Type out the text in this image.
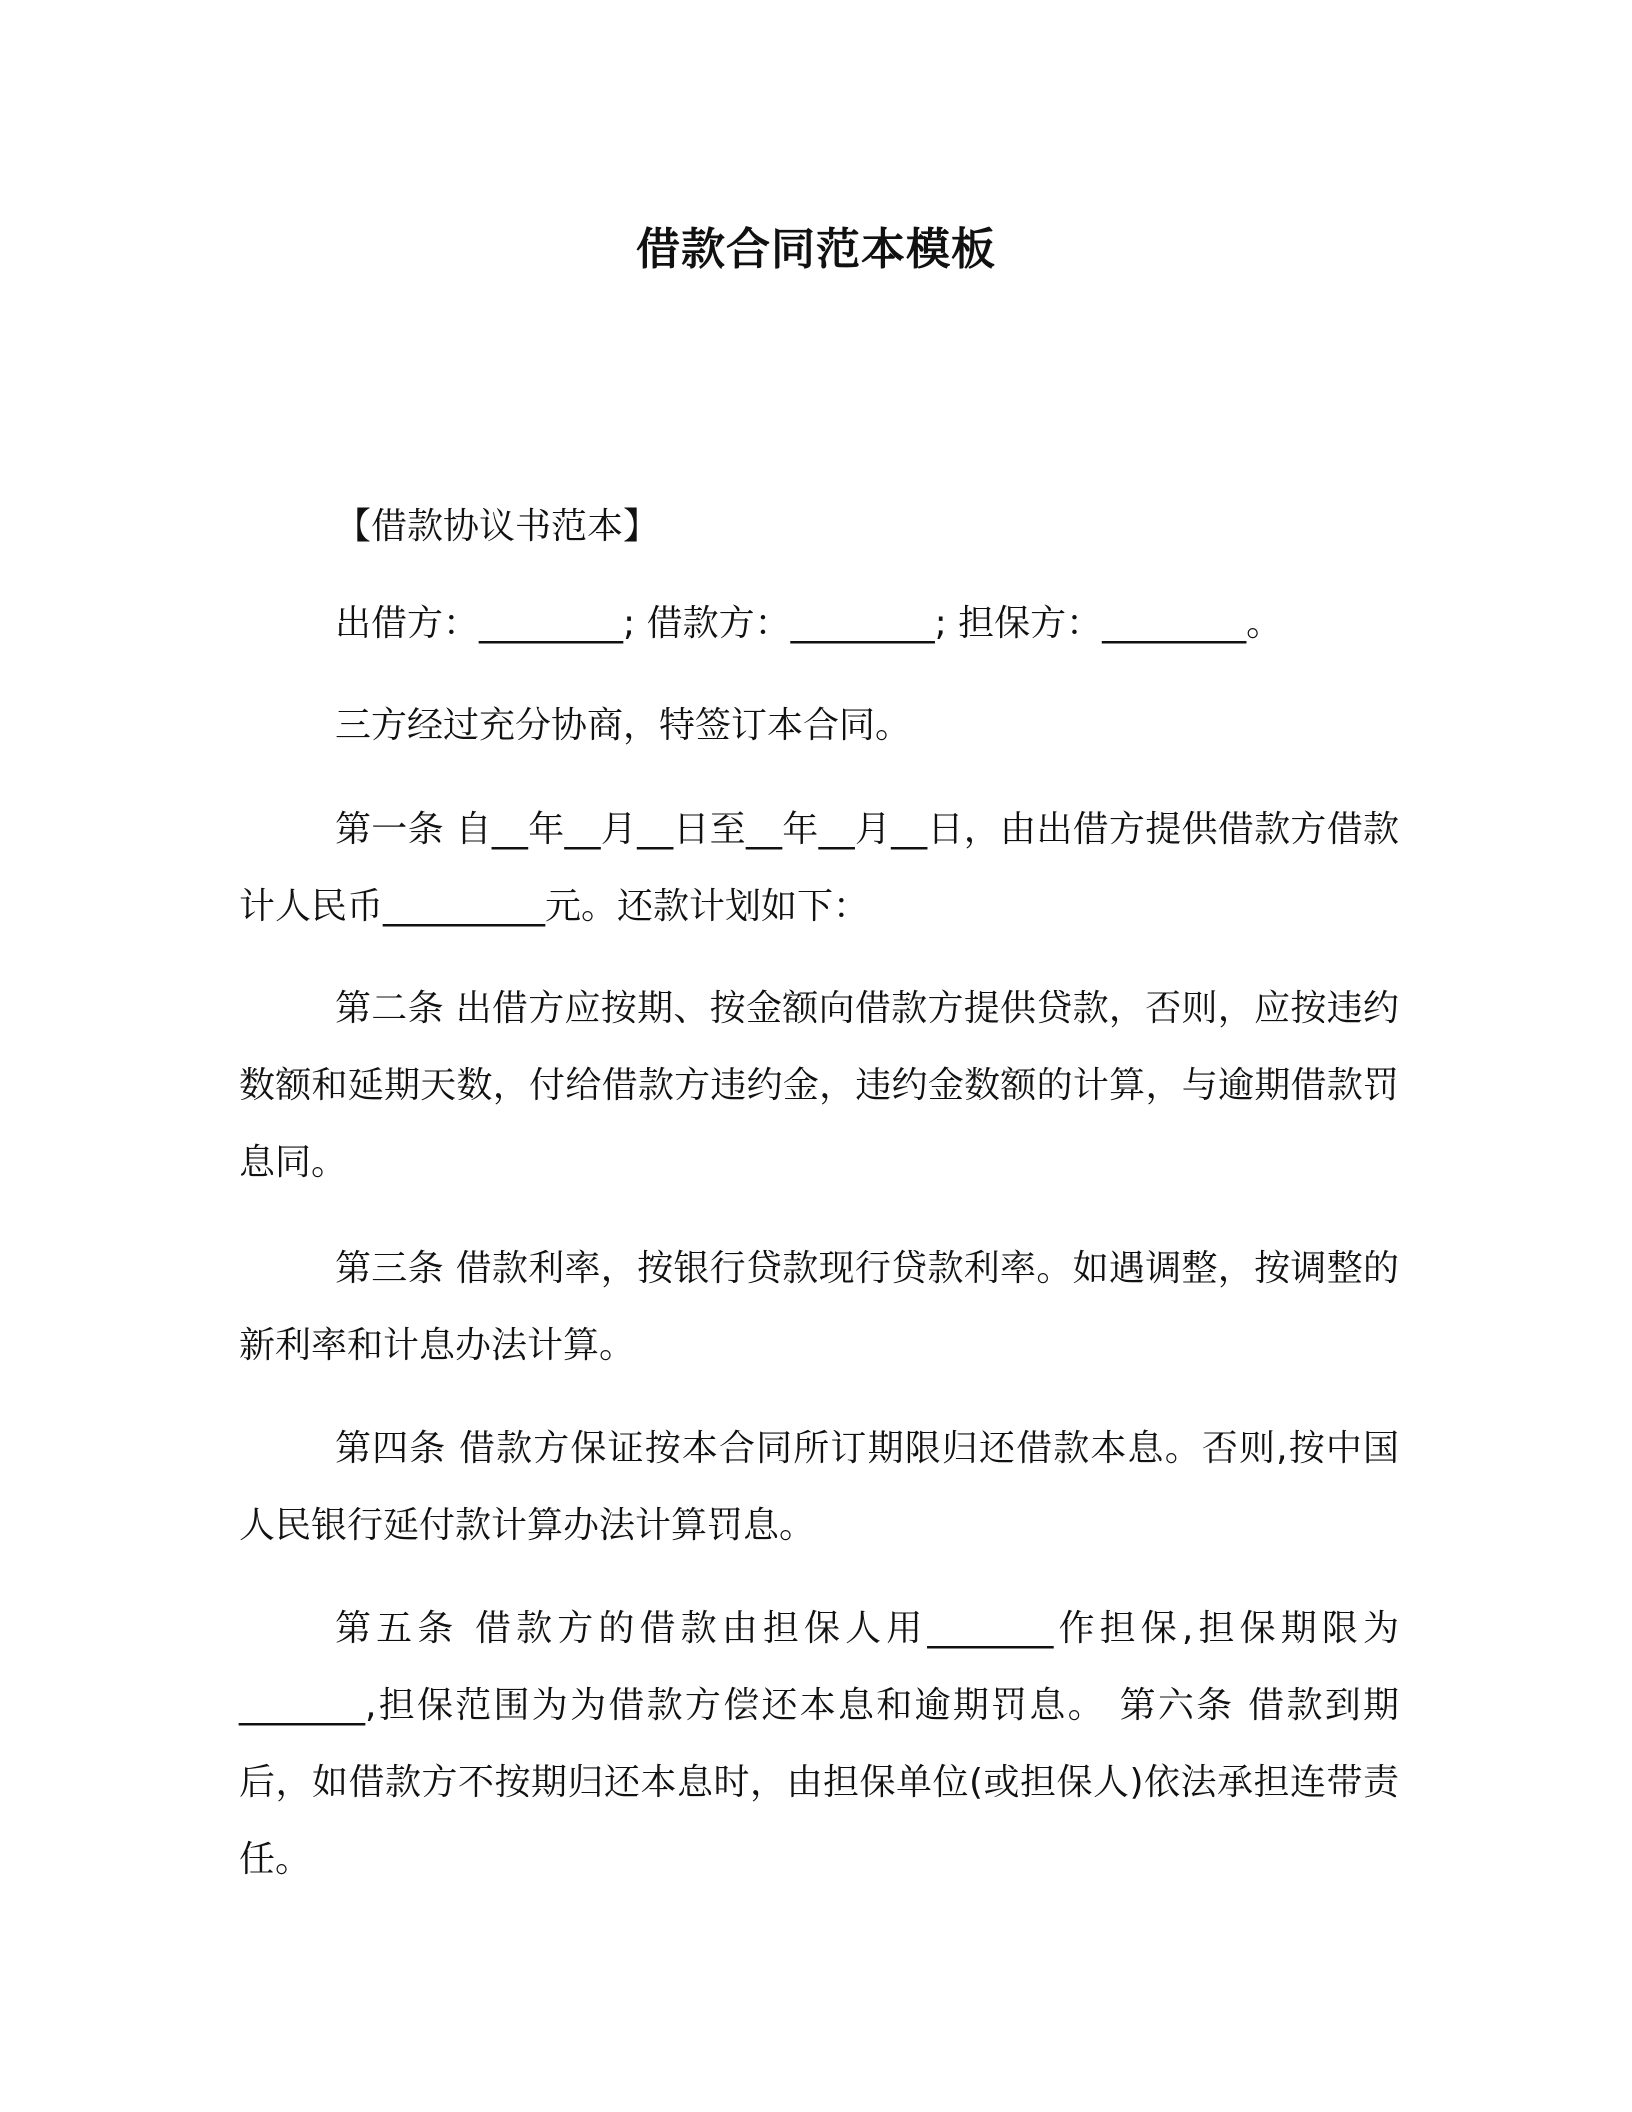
借款合同范本模板

【借款协议书范本】

出借方：________; 借款方：________; 担保方：________。

三方经过充分协商，特签订本合同。

第一条 自__年__月__日至__年__月__日，由出借方提供借款方借款计人民币_________元。还款计划如下：

第二条 出借方应按期、按金额向借款方提供贷款，否则，应按违约数额和延期天数，付给借款方违约金，违约金数额的计算，与逾期借款罚息同。

第三条 借款利率，按银行贷款现行贷款利率。如遇调整，按调整的新利率和计息办法计算。

第四条 借款方保证按本合同所订期限归还借款本息。否则,按中国人民银行延付款计算办法计算罚息。

第五条 借款方的借款由担保人用_______作担保,担保期限为_______,担保范围为为借款方偿还本息和逾期罚息。 第六条 借款到期后，如借款方不按期归还本息时，由担保单位(或担保人)依法承担连带责任。
